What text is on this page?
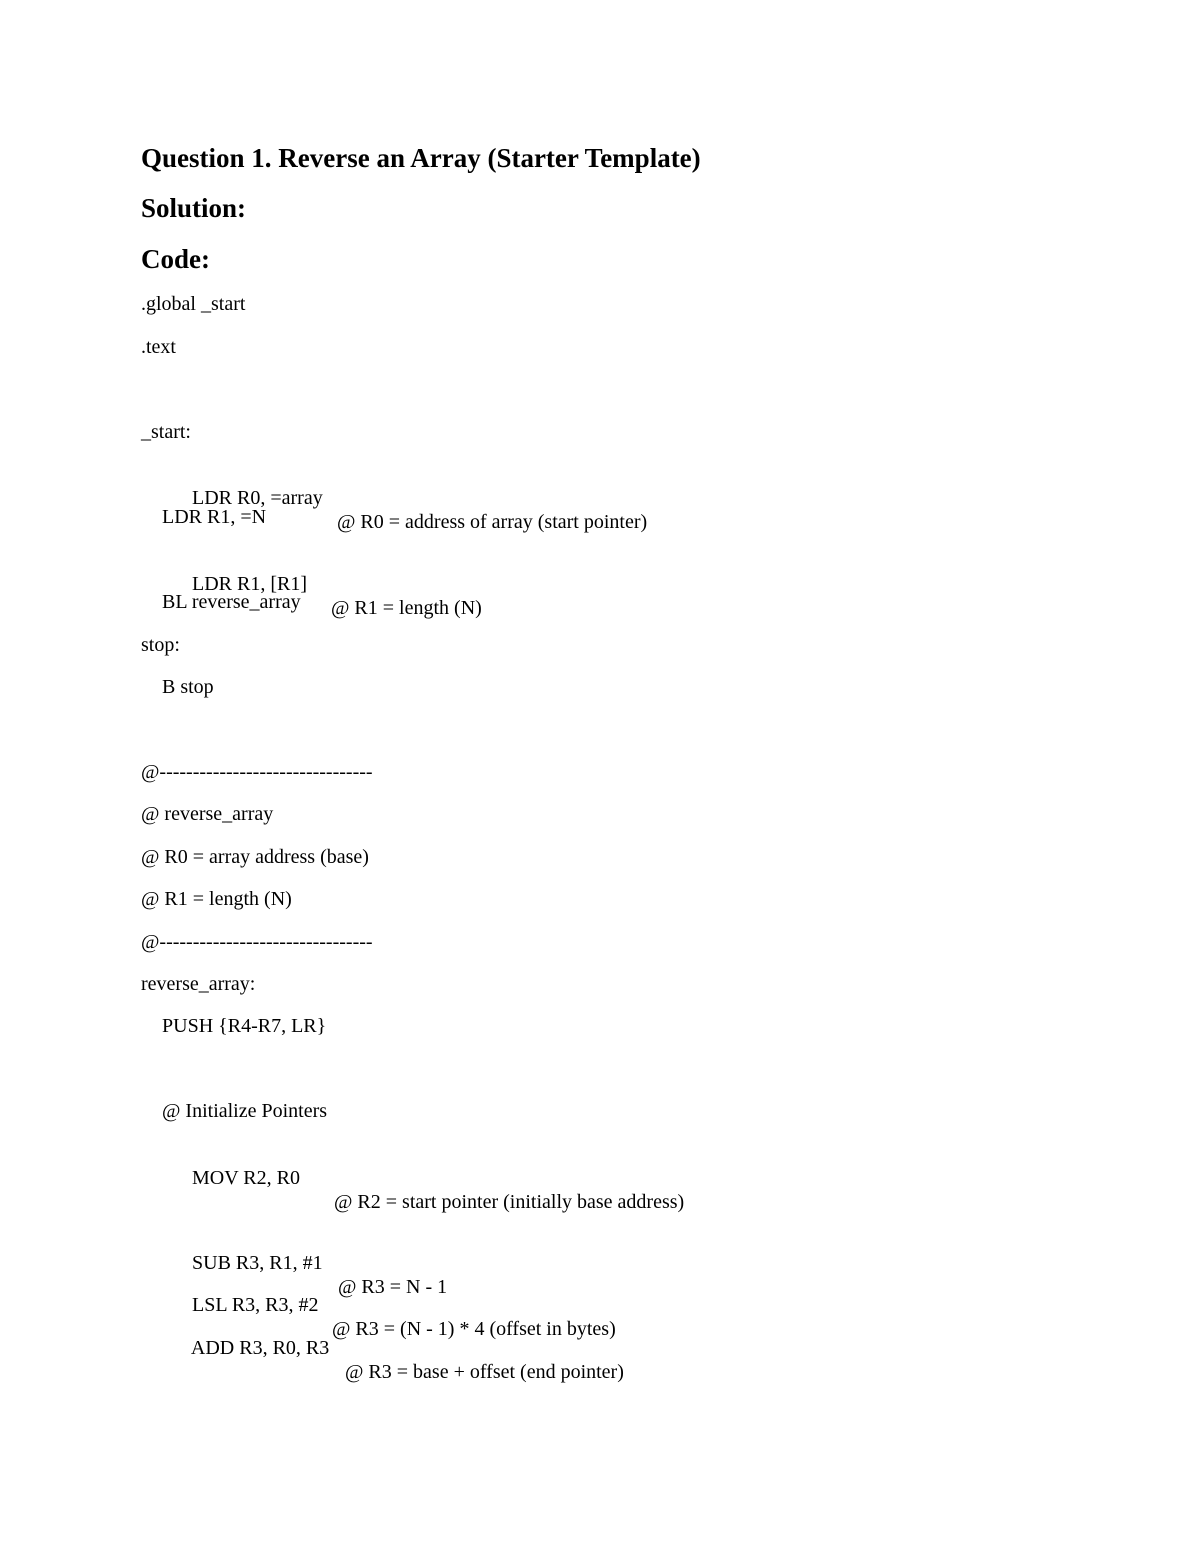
Question 1. Reverse an Array (Starter Template)
Solution:
Code:
.global _start
.text
_start:

LDR R0, =array

@ R0 = address of array (start pointer)

LDR R1, =N

LDR R1, [R1]

@ R1 = length (N)

BL reverse_array
stop:
B stop
@--------------------------------
@ reverse_array
@ R0 = array address (base)
@ R1 = length (N)
@--------------------------------
reverse_array:
PUSH {R4-R7, LR}
@ Initialize Pointers

MOV R2, R0

@ R2 = start pointer (initially base address)

SUB R3, R1, #1

@ R3 = N - 1

LSL R3, R3, #2

@ R3 = (N - 1) * 4 (offset in bytes)

ADD R3, R0, R3

@ R3 = base + offset (end pointer)
